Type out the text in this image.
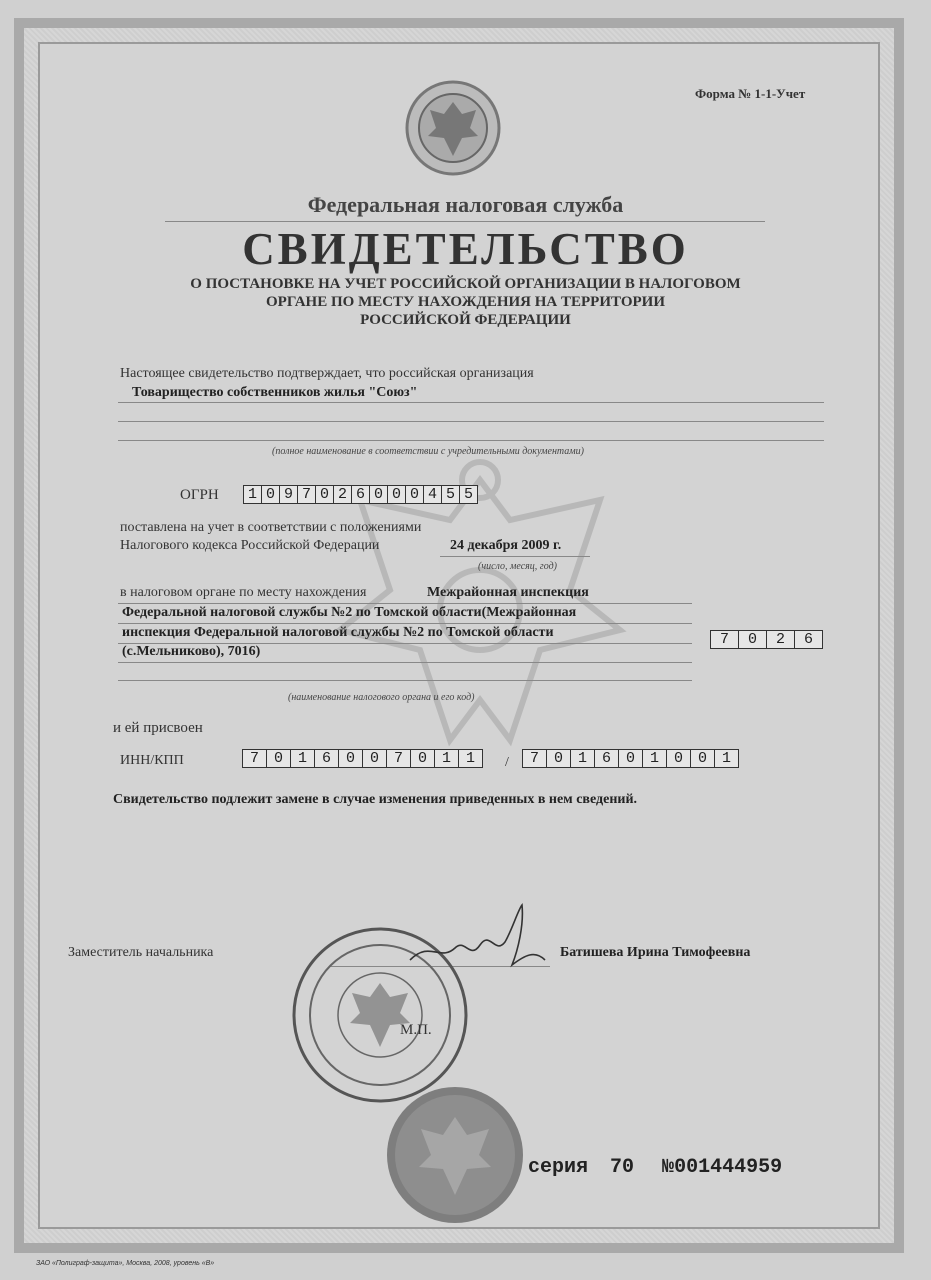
Форма № 1-1-Учет
Федеральная налоговая служба
СВИДЕТЕЛЬСТВО
О ПОСТАНОВКЕ НА УЧЕТ РОССИЙСКОЙ ОРГАНИЗАЦИИ В НАЛОГОВОМ
ОРГАНЕ ПО МЕСТУ НАХОЖДЕНИЯ НА ТЕРРИТОРИИ
РОССИЙСКОЙ ФЕДЕРАЦИИ
Настоящее свидетельство подтверждает, что российская организация
Товарищество собственников жилья "Союз"
(полное наименование в соответствии с учредительными документами)
ОГРН 1 0 9 7 0 2 6 0 0 0 4 5 5
поставлена на учет в соответствии с положениями
Налогового кодекса Российской Федерации	24 декабря 2009 г.
(число, месяц, год)
в налоговом органе по месту нахождения	Межрайонная инспекция
Федеральной налоговой службы №2 по Томской области(Межрайонная
инспекция Федеральной налоговой службы №2 по Томской области
(с.Мельниково), 7016)
7	0	2	6
(наименование налогового органа и его код)
и ей присвоен
ИНН/КПП	7 0 1 6 0 0 7 0 1 1	/	7 0 1 6 0 1 0 0 1
Свидетельство подлежит замене в случае изменения приведенных в нем сведений.
Заместитель начальника	Батишева Ирина Тимофеевна
М.П.
серия 70 №001444959
ЗАО «Полиграф-защита», Москва, 2008, уровень «В»
